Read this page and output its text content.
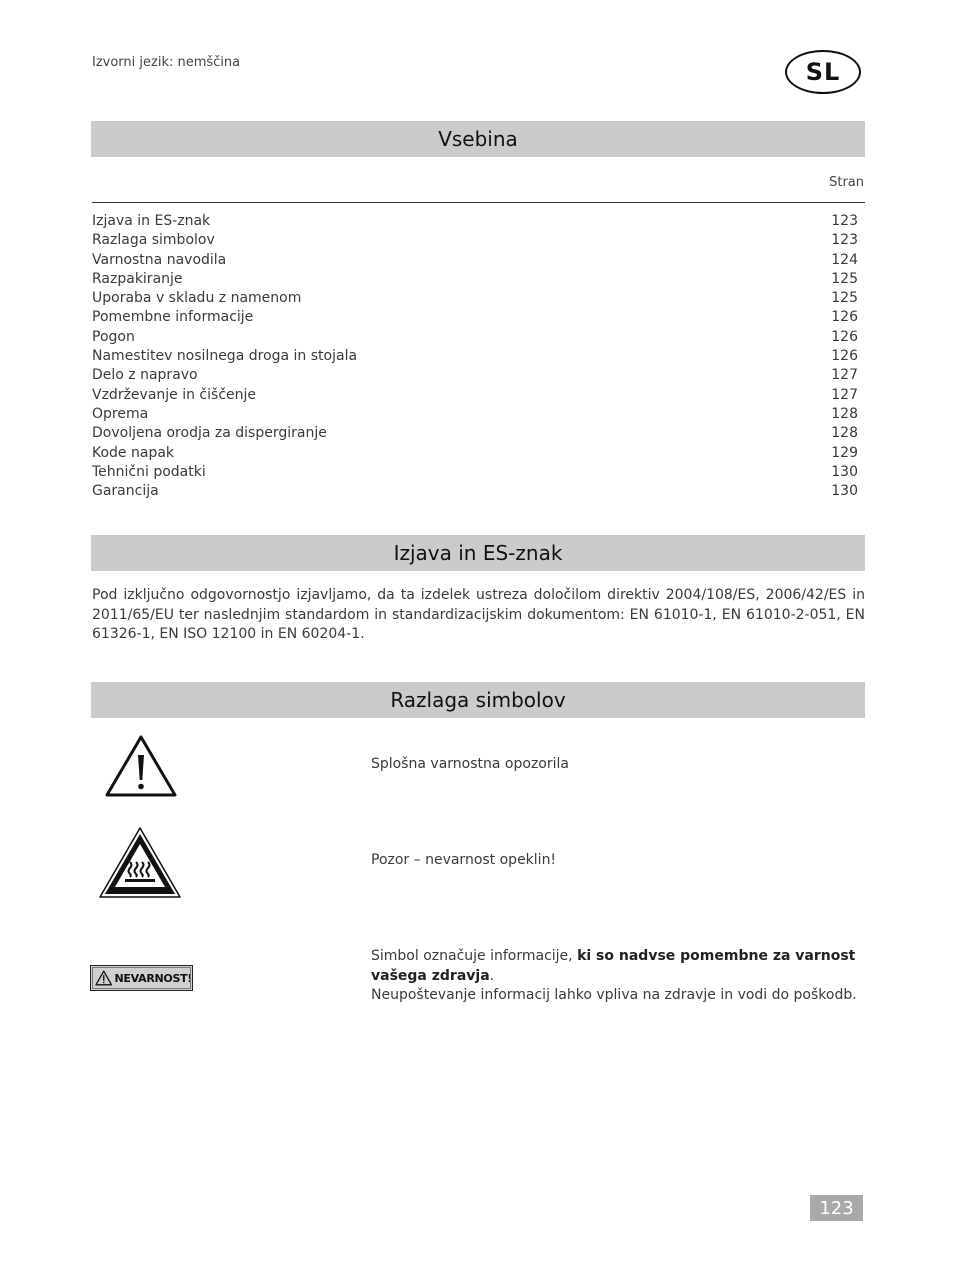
Izvorni jezik: nemščina	SL
Vsebina
Stran
Izjava in ES-znak	123
Razlaga simbolov	123
Varnostna navodila	124
Razpakiranje	125
Uporaba v skladu z namenom	125
Pomembne informacije	126
Pogon	126
Namestitev nosilnega droga in stojala	126
Delo z napravo	127
Vzdrževanje in čiščenje	127
Oprema	128
Dovoljena orodja za dispergiranje	128
Kode napak	129
Tehnični podatki	130
Garancija	130
Izjava in ES-znak
Pod izključno odgovornostjo izjavljamo, da ta izdelek ustreza določilom direktiv 2004/108/ES, 2006/42/ES in 2011/65/EU ter naslednjim standardom in standardizacijskim dokumentom: EN 61010-1, EN 61010-2-051, EN 61326-1, EN ISO 12100 in EN 60204-1.
Razlaga simbolov
Splošna varnostna opozorila
Pozor – nevarnost opeklin!
NEVARNOST!
Simbol označuje informacije, ki so nadvse pomembne za varnost vašega zdravja.
Neupoštevanje informacij lahko vpliva na zdravje in vodi do poškodb.
123
